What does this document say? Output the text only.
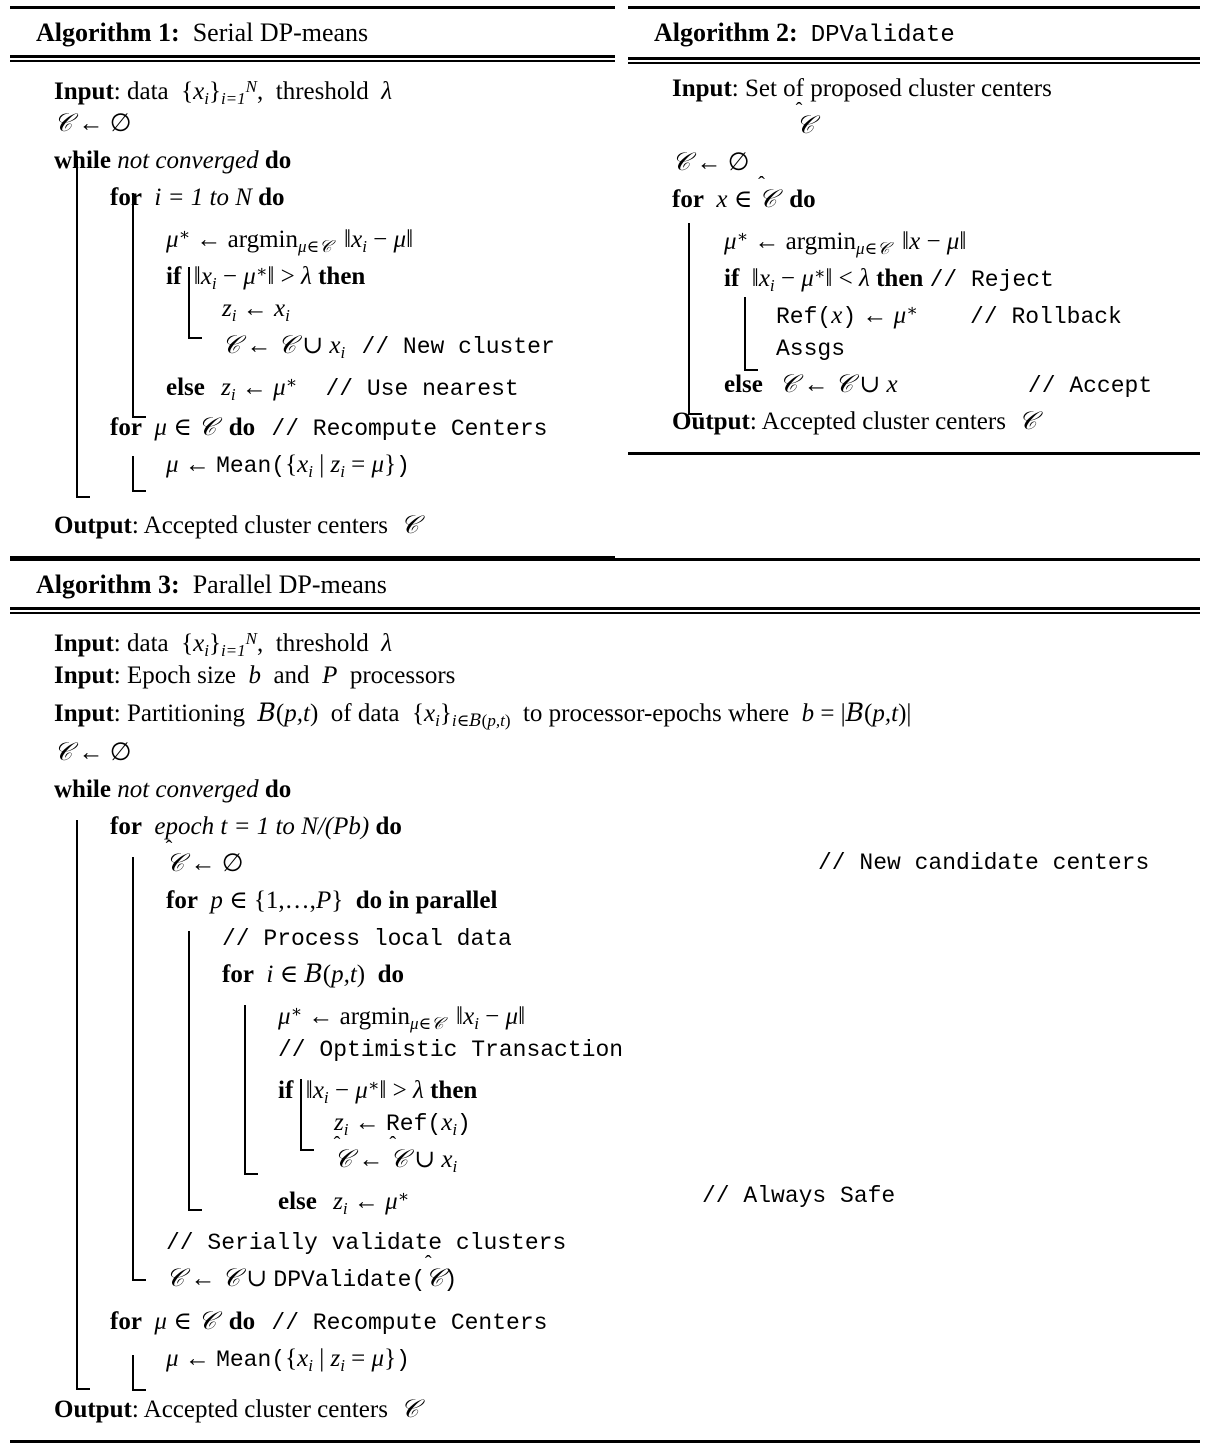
Algorithm 1: Serial DP-means
Input: data  $\{x_i\}_{i=1}^N$,  threshold λ
𝒞 ← ∅
while not converged do
for  i = 1 to N do
μ∗ ← argmin$_{\mu\in 𝒞}$  $‖x_i$ − μ‖
if  $‖x_i$ − μ∗‖ > λ then
$z_i$ ← $x_i$
𝒞 ← 𝒞 ∪ $x_i$ // New cluster
else $z_i$ ← μ∗ // Use nearest
for μ ∈ 𝒞 do // Recompute Centers
μ ← $Mean(\{x_i$ | $z_i = \mu$})
Output: Accepted cluster centers 𝒞
Algorithm 2: DPValidate
Input: Set of proposed cluster centers
𝒞
𝒞 ← ∅
for x ∈
𝒞 do
μ∗ ← argmin$_{\mu\in 𝒞}$  ‖x − μ‖
if  $‖x_i$ − μ∗‖ < λ then // Reject
Ref(x) ← μ∗ // Rollback
Assgs
else 𝒞 ← 𝒞 ∪ x	// Accept
Output: Accepted cluster centers 𝒞
Algorithm 3: Parallel DP-means
Input: data  $\{x_i\}_{i=1}^N$,  threshold λ
Input: Epoch size b and P processors
Input: Partitioning 𝐵(p,t)  of data  $\{x_i\}_{i\in 𝐵(p,t)}$ to processor-epochs where b = |𝐵(p,t)|
𝒞 ← ∅
while not converged do
for epoch t = 1 to N/(Pb) do
𝒞 ← ∅	// New candidate centers
for p ∈ {1,…,P}  do in parallel
// Process local data
for i ∈ 𝐵(p,t)  do
μ∗ ← argmin$_{\mu\in 𝒞}$  $‖x_i$ − μ‖
// Optimistic Transaction
if  $‖x_i$ − μ∗‖ > λ then
$z_i$ ← $Ref(x_i)$
𝒞 ←
𝒞 ∪ $x_i$
else $z_i$ ← μ∗	// Always Safe
// Serially validate clusters
𝒞 ← 𝒞 ∪ DPValidate(
𝒞)
for μ ∈ 𝒞 do // Recompute Centers
μ ← $Mean(\{x_i$ | $z_i = \mu$})
Output: Accepted cluster centers 𝒞
